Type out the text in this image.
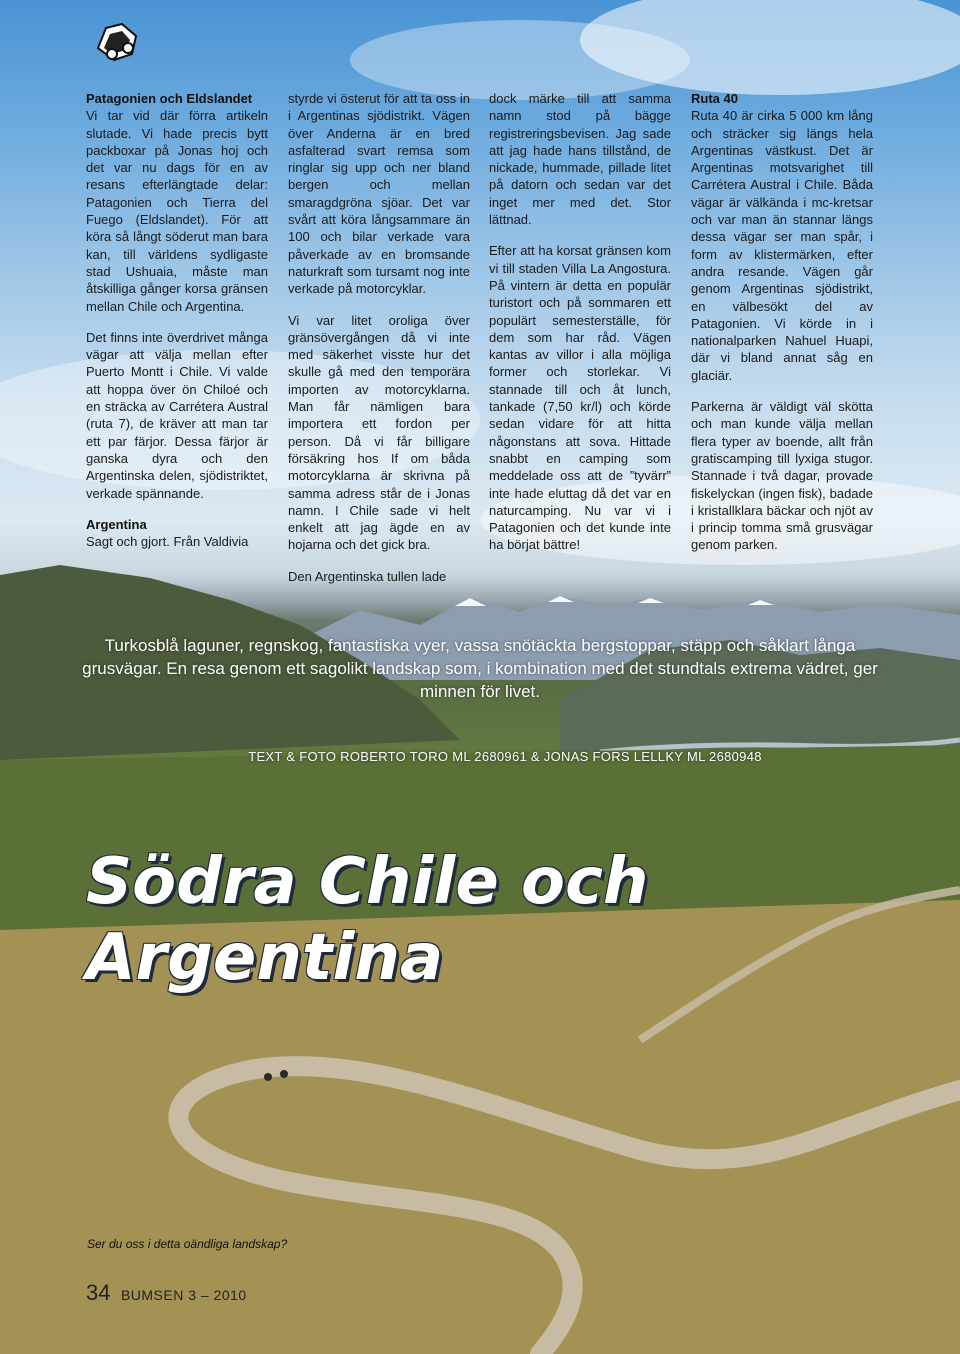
Patagonien och Eldslandet

Vi tar vid där förra artikeln slutade. Vi hade precis bytt packboxar på Jonas hoj och det var nu dags för en av resans efterlängtade delar: Patagonien och Tierra del Fuego (Eldslandet). För att köra så långt söderut man bara kan, till världens sydligaste stad Ushuaia, måste man åtskilliga gånger korsa gränsen mellan Chile och Argentina.

Det finns inte överdrivet många vägar att välja mellan efter Puerto Montt i Chile. Vi valde att hoppa över ön Chiloé och en sträcka av Carrétera Austral (ruta 7), de kräver att man tar ett par färjor. Dessa färjor är ganska dyra och den Argentinska delen, sjödistriktet, verkade spännande.

Argentina

Sagt och gjort. Från Valdivia

styrde vi österut för att ta oss in i Argentinas sjödistrikt. Vägen över Anderna är en bred asfalterad svart remsa som ringlar sig upp och ner bland bergen och mellan smaragdgröna sjöar. Det var svårt att köra långsammare än 100 och bilar verkade vara påverkade av en bromsande naturkraft som tursamt nog inte verkade på motorcyklar.

Vi var litet oroliga över gränsövergången då vi inte med säkerhet visste hur det skulle gå med den temporära importen av motorcyklarna. Man får nämligen bara importera ett fordon per person. Då vi får billigare försäkring hos If om båda motorcyklarna är skrivna på samma adress står de i Jonas namn. I Chile sade vi helt enkelt att jag ägde en av hojarna och det gick bra.

Den Argentinska tullen lade

dock märke till att samma namn stod på bägge registreringsbevisen. Jag sade att jag hade hans tillstånd, de nickade, hummade, pillade litet på datorn och sedan var det inget mer med det. Stor lättnad.

Efter att ha korsat gränsen kom vi till staden Villa La Angostura. På vintern är detta en populär turistort och på sommaren ett populärt semesterställe, för dem som har råd. Vägen kantas av villor i alla möjliga former och storlekar. Vi stannade till och åt lunch, tankade (7,50 kr/l) och körde sedan vidare för att hitta någonstans att sova. Hittade snabbt en camping som meddelade oss att de ”tyvärr” inte hade eluttag då det var en naturcamping. Nu var vi i Patagonien och det kunde inte ha börjat bättre!

Ruta 40

Ruta 40 är cirka 5 000 km lång och sträcker sig längs hela Argentinas västkust. Det är Argentinas motsvarighet till Carrétera Austral i Chile. Båda vägar är välkända i mc-kretsar och var man än stannar längs dessa vägar ser man spår, i form av klistermärken, efter andra resande. Vägen går genom Argentinas sjödistrikt, en välbesökt del av Patagonien. Vi körde in i nationalparken Nahuel Huapi, där vi bland annat såg en glaciär.

Parkerna är väldigt väl skötta och man kunde välja mellan flera typer av boende, allt från gratiscamping till lyxiga stugor. Stannade i två dagar, provade fiskelyckan (ingen fisk), badade i kristallklara bäckar och njöt av i princip tomma små grusvägar genom parken.

Turkosblå laguner, regnskog, fantastiska vyer, vassa snötäckta bergstoppar, stäpp och såklart långa grusvägar. En resa genom ett sagolikt landskap som, i kombination med det stundtals extrema vädret, ger minnen för livet.
TEXT & FOTO ROBERTO TORO ML 2680961 & JONAS FORS LELLKY ML 2680948
Södra Chile och
Argentina
Ser du oss i detta oändliga landskap?
34 BUMSEN 3 – 2010
